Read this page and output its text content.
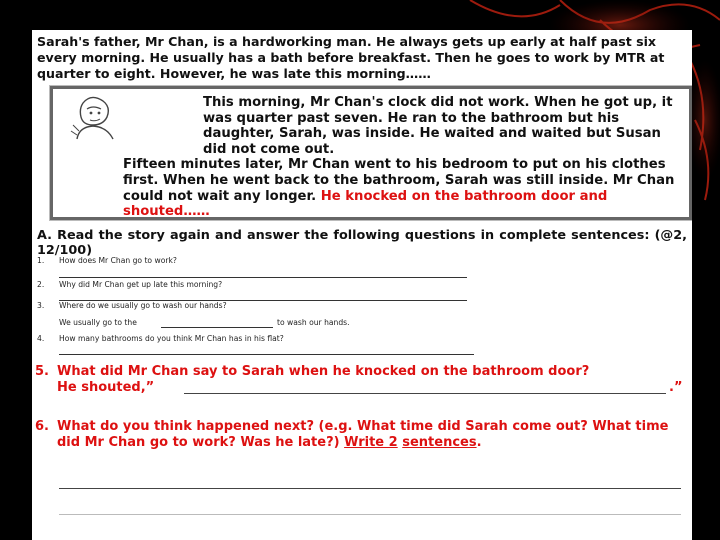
Sarah's father, Mr Chan, is a hardworking man. He always gets up early at half past six every morning. He usually has a bath before breakfast. Then he goes to work by MTR at quarter to eight. However, he was late this morning……

This morning, Mr Chan's clock did not work. When he got up, it was quarter past seven. He ran to the bathroom but his daughter, Sarah, was inside. He waited and waited but Susan did not come out.

Fifteen minutes later, Mr Chan went to his bedroom to put on his clothes first. When he went back to the bathroom, Sarah was still inside. Mr Chan could not wait any longer. He knocked on the bathroom door and shouted……

A. Read the story again and answer the following questions in complete sentences: (@2, 12/100)

1. How does Mr Chan go to work?
2. Why did Mr Chan get up late this morning?
3. Where do we usually go to wash our hands?
We usually go to the	to wash our hands.
4. How many bathrooms do you think Mr Chan has in his flat?
5. What did Mr Chan say to Sarah when he knocked on the bathroom door?
He shouted,”	.”
6. What do you think happened next? (e.g. What time did Sarah come out? What time did Mr Chan go to work? Was he late?) Write 2 sentences.
